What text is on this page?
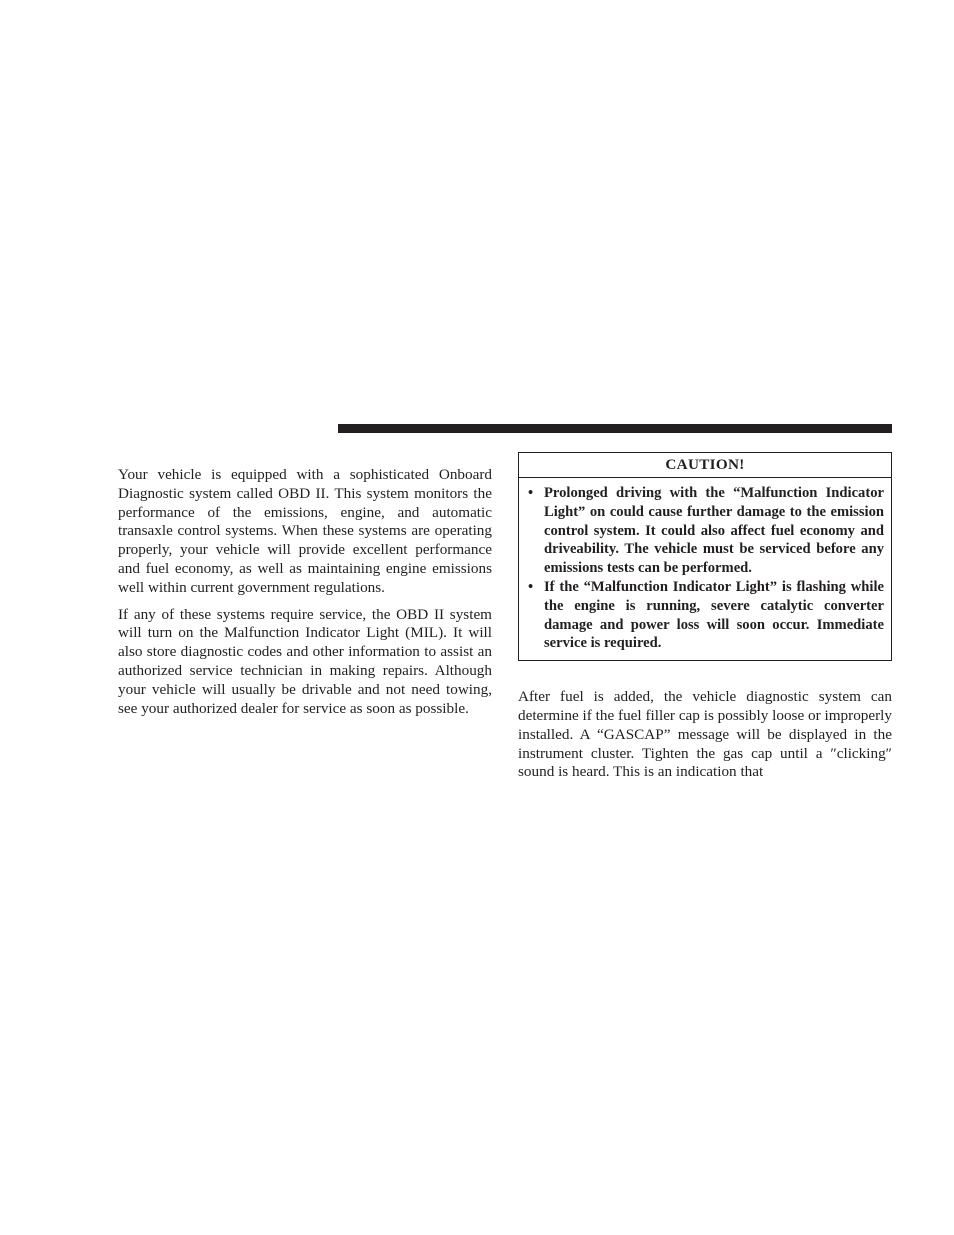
Your vehicle is equipped with a sophisticated Onboard Diagnostic system called OBD II. This system monitors the performance of the emissions, engine, and automatic transaxle control systems. When these systems are operating properly, your vehicle will provide excellent performance and fuel economy, as well as maintaining engine emissions well within current government regulations.

If any of these systems require service, the OBD II system will turn on the Malfunction Indicator Light (MIL). It will also store diagnostic codes and other information to assist an authorized service technician in making repairs. Although your vehicle will usually be drivable and not need towing, see your authorized dealer for service as soon as possible.

CAUTION!
• Prolonged driving with the “Malfunction Indicator Light” on could cause further damage to the emission control system. It could also affect fuel economy and driveability. The vehicle must be serviced before any emissions tests can be performed.
• If the “Malfunction Indicator Light” is flashing while the engine is running, severe catalytic converter damage and power loss will soon occur. Immediate service is required.

After fuel is added, the vehicle diagnostic system can determine if the fuel filler cap is possibly loose or improperly installed. A “GASCAP” message will be displayed in the instrument cluster. Tighten the gas cap until a ″clicking″ sound is heard. This is an indication that
